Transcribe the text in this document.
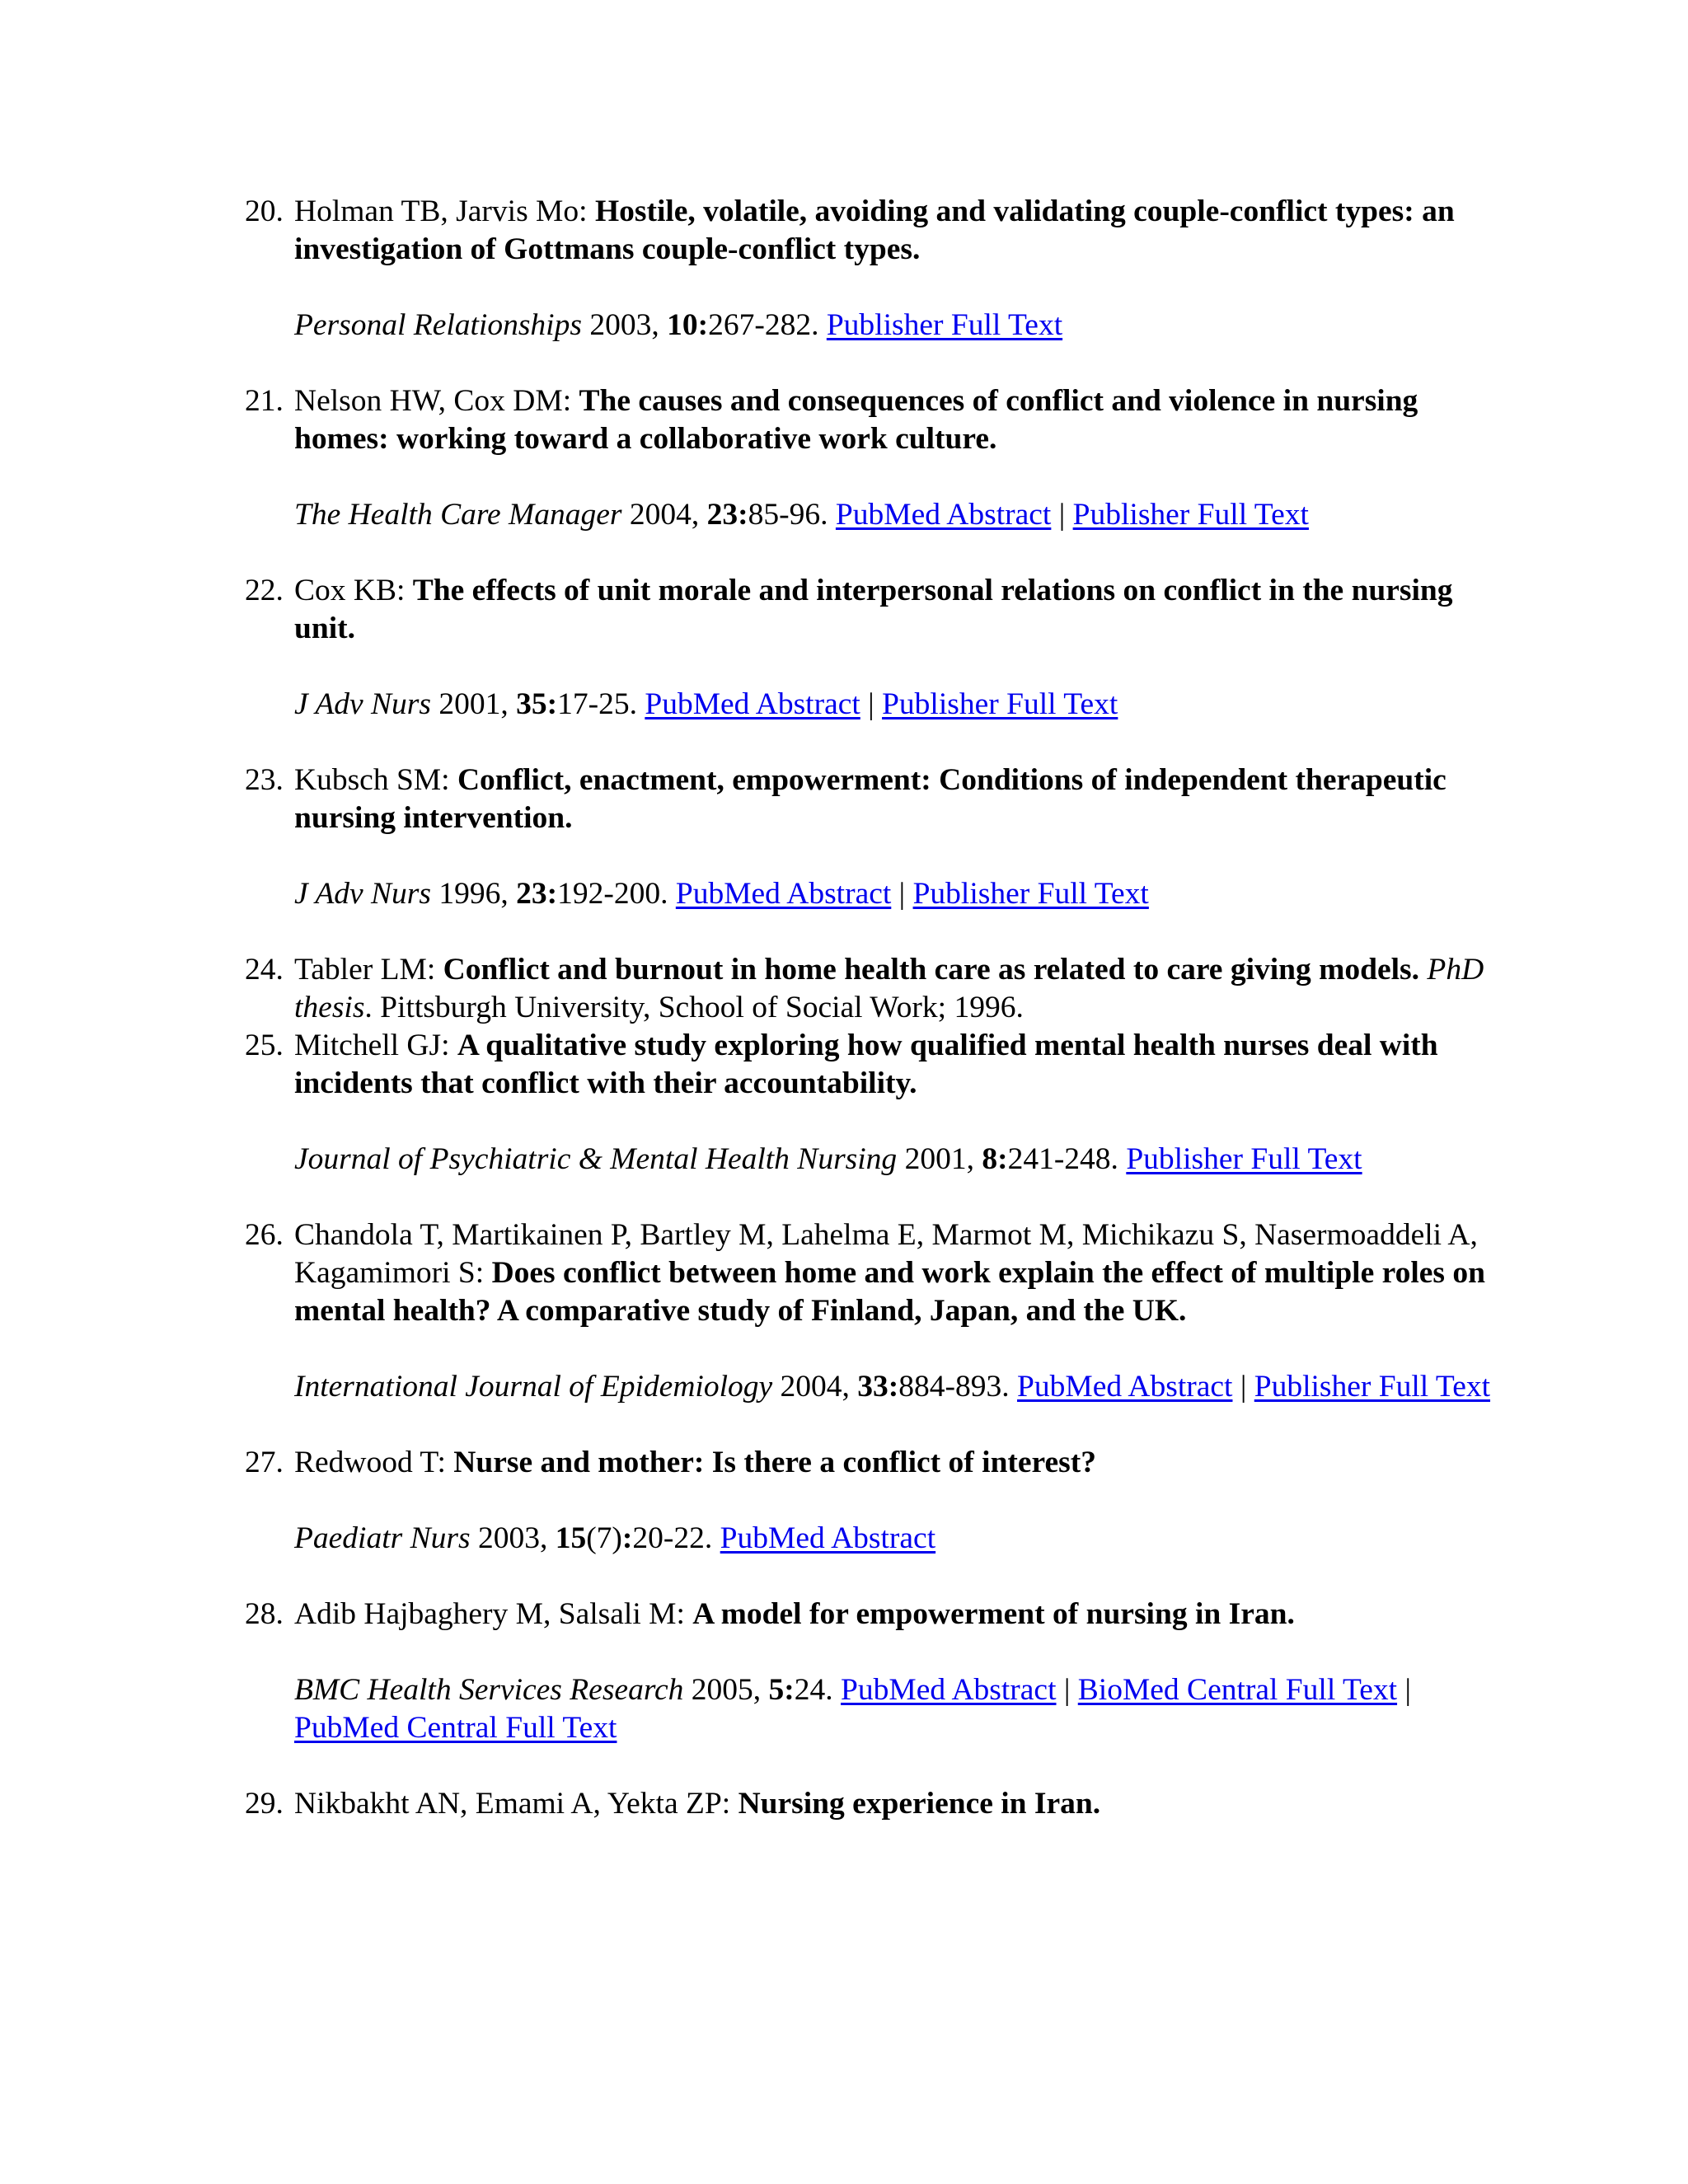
20. Holman TB, Jarvis Mo: Hostile, volatile, avoiding and validating couple-conflict types: an investigation of Gottmans couple-conflict types.
Personal Relationships 2003, 10:267-282. Publisher Full Text
21. Nelson HW, Cox DM: The causes and consequences of conflict and violence in nursing homes: working toward a collaborative work culture.
The Health Care Manager 2004, 23:85-96. PubMed Abstract | Publisher Full Text
22. Cox KB: The effects of unit morale and interpersonal relations on conflict in the nursing unit.
J Adv Nurs 2001, 35:17-25. PubMed Abstract | Publisher Full Text
23. Kubsch SM: Conflict, enactment, empowerment: Conditions of independent therapeutic nursing intervention.
J Adv Nurs 1996, 23:192-200. PubMed Abstract | Publisher Full Text
24. Tabler LM: Conflict and burnout in home health care as related to care giving models. PhD thesis. Pittsburgh University, School of Social Work; 1996.
25. Mitchell GJ: A qualitative study exploring how qualified mental health nurses deal with incidents that conflict with their accountability.
Journal of Psychiatric & Mental Health Nursing 2001, 8:241-248. Publisher Full Text
26. Chandola T, Martikainen P, Bartley M, Lahelma E, Marmot M, Michikazu S, Nasermoaddeli A, Kagamimori S: Does conflict between home and work explain the effect of multiple roles on mental health? A comparative study of Finland, Japan, and the UK.
International Journal of Epidemiology 2004, 33:884-893. PubMed Abstract | Publisher Full Text
27. Redwood T: Nurse and mother: Is there a conflict of interest?
Paediatr Nurs 2003, 15(7):20-22. PubMed Abstract
28. Adib Hajbaghery M, Salsali M: A model for empowerment of nursing in Iran.
BMC Health Services Research 2005, 5:24. PubMed Abstract | BioMed Central Full Text | PubMed Central Full Text
29. Nikbakht AN, Emami A, Yekta ZP: Nursing experience in Iran.
